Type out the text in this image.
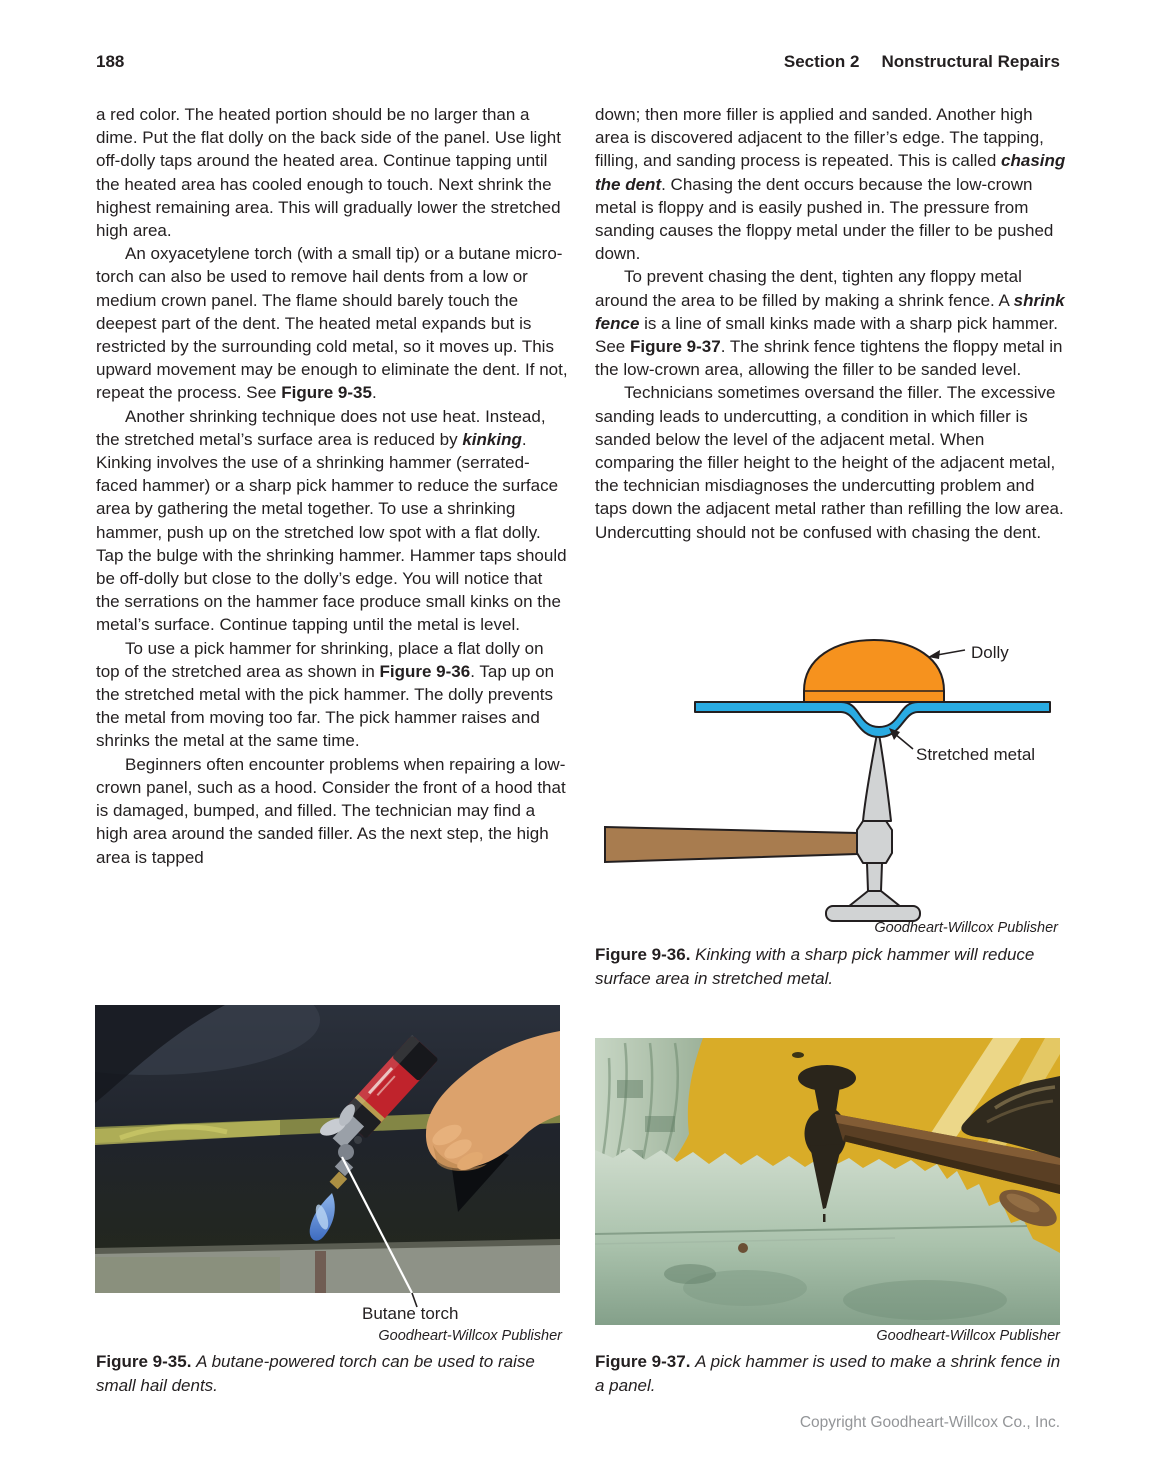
188	Section 2 Nonstructural Repairs

a red color. The heated portion should be no larger than a dime. Put the flat dolly on the back side of the panel. Use light off-dolly taps around the heated area. Continue tapping until the heated area has cooled enough to touch. Next shrink the highest remaining area. This will gradually lower the stretched high area.

An oxyacetylene torch (with a small tip) or a butane micro-torch can also be used to remove hail dents from a low or medium crown panel. The flame should barely touch the deepest part of the dent. The heated metal expands but is restricted by the surrounding cold metal, so it moves up. This upward movement may be enough to eliminate the dent. If not, repeat the process. See Figure 9-35.

Another shrinking technique does not use heat. Instead, the stretched metal’s surface area is reduced by kinking. Kinking involves the use of a shrinking hammer (serrated-faced hammer) or a sharp pick hammer to reduce the surface area by gathering the metal together. To use a shrinking hammer, push up on the stretched low spot with a flat dolly. Tap the bulge with the shrinking hammer. Hammer taps should be off-dolly but close to the dolly’s edge. You will notice that the serrations on the hammer face produce small kinks on the metal’s surface. Continue tapping until the metal is level.

To use a pick hammer for shrinking, place a flat dolly on top of the stretched area as shown in Figure 9-36. Tap up on the stretched metal with the pick hammer. The dolly prevents the metal from moving too far. The pick hammer raises and shrinks the metal at the same time.

Beginners often encounter problems when repairing a low-crown panel, such as a hood. Consider the front of a hood that is damaged, bumped, and filled. The technician may find a high area around the sanded filler. As the next step, the high area is tapped

down; then more filler is applied and sanded. Another high area is discovered adjacent to the filler’s edge. The tapping, filling, and sanding process is repeated. This is called chasing the dent. Chasing the dent occurs because the low-crown metal is floppy and is easily pushed in. The pressure from sanding causes the floppy metal under the filler to be pushed down.

To prevent chasing the dent, tighten any floppy metal around the area to be filled by making a shrink fence. A shrink fence is a line of small kinks made with a sharp pick hammer. See Figure 9-37. The shrink fence tightens the floppy metal in the low-crown area, allowing the filler to be sanded level.

Technicians sometimes oversand the filler. The excessive sanding leads to undercutting, a condition in which filler is sanded below the level of the adjacent metal. When comparing the filler height to the height of the adjacent metal, the technician misdiagnoses the undercutting problem and taps down the adjacent metal rather than refilling the low area. Undercutting should not be confused with chasing the dent.

Dolly
Stretched metal
Goodheart-Willcox Publisher
Figure 9-36. Kinking with a sharp pick hammer will reduce surface area in stretched metal.
Butane torch
Goodheart-Willcox Publisher
Figure 9-35. A butane-powered torch can be used to raise small hail dents.
Goodheart-Willcox Publisher
Figure 9-37. A pick hammer is used to make a shrink fence in a panel.
Copyright Goodheart-Willcox Co., Inc.
